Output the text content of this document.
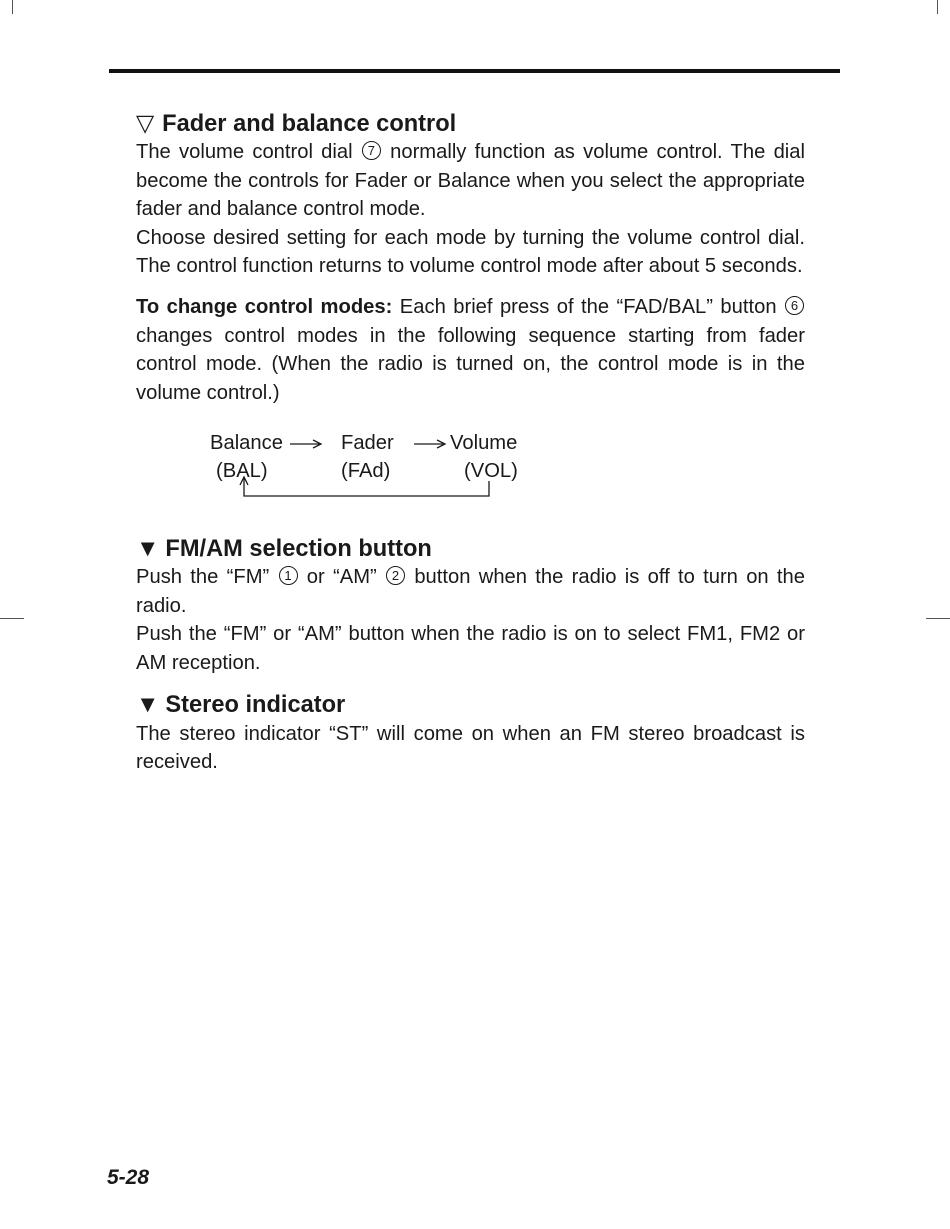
▽ Fader and balance control

The volume control dial 7 normally function as volume control. The dial become the controls for Fader or Balance when you select the appropriate fader and balance control mode.

Choose desired setting for each mode by turning the volume control dial. The control function returns to volume control mode after about 5 seconds.

To change control modes: Each brief press of the “FAD/BAL” button 6 changes control modes in the following sequence starting from fader control mode. (When the radio is turned on, the control mode is in the volume control.)

Balance
(BAL)
Fader
(FAd)
Volume
(VOL)
▼ FM/AM selection button

Push the “FM” 1 or “AM” 2 button when the radio is off to turn on the radio.

Push the “FM” or “AM” button when the radio is on to select FM1, FM2 or AM reception.

▼ Stereo indicator

The stereo indicator “ST” will come on when an FM stereo broadcast is received.

5-28
